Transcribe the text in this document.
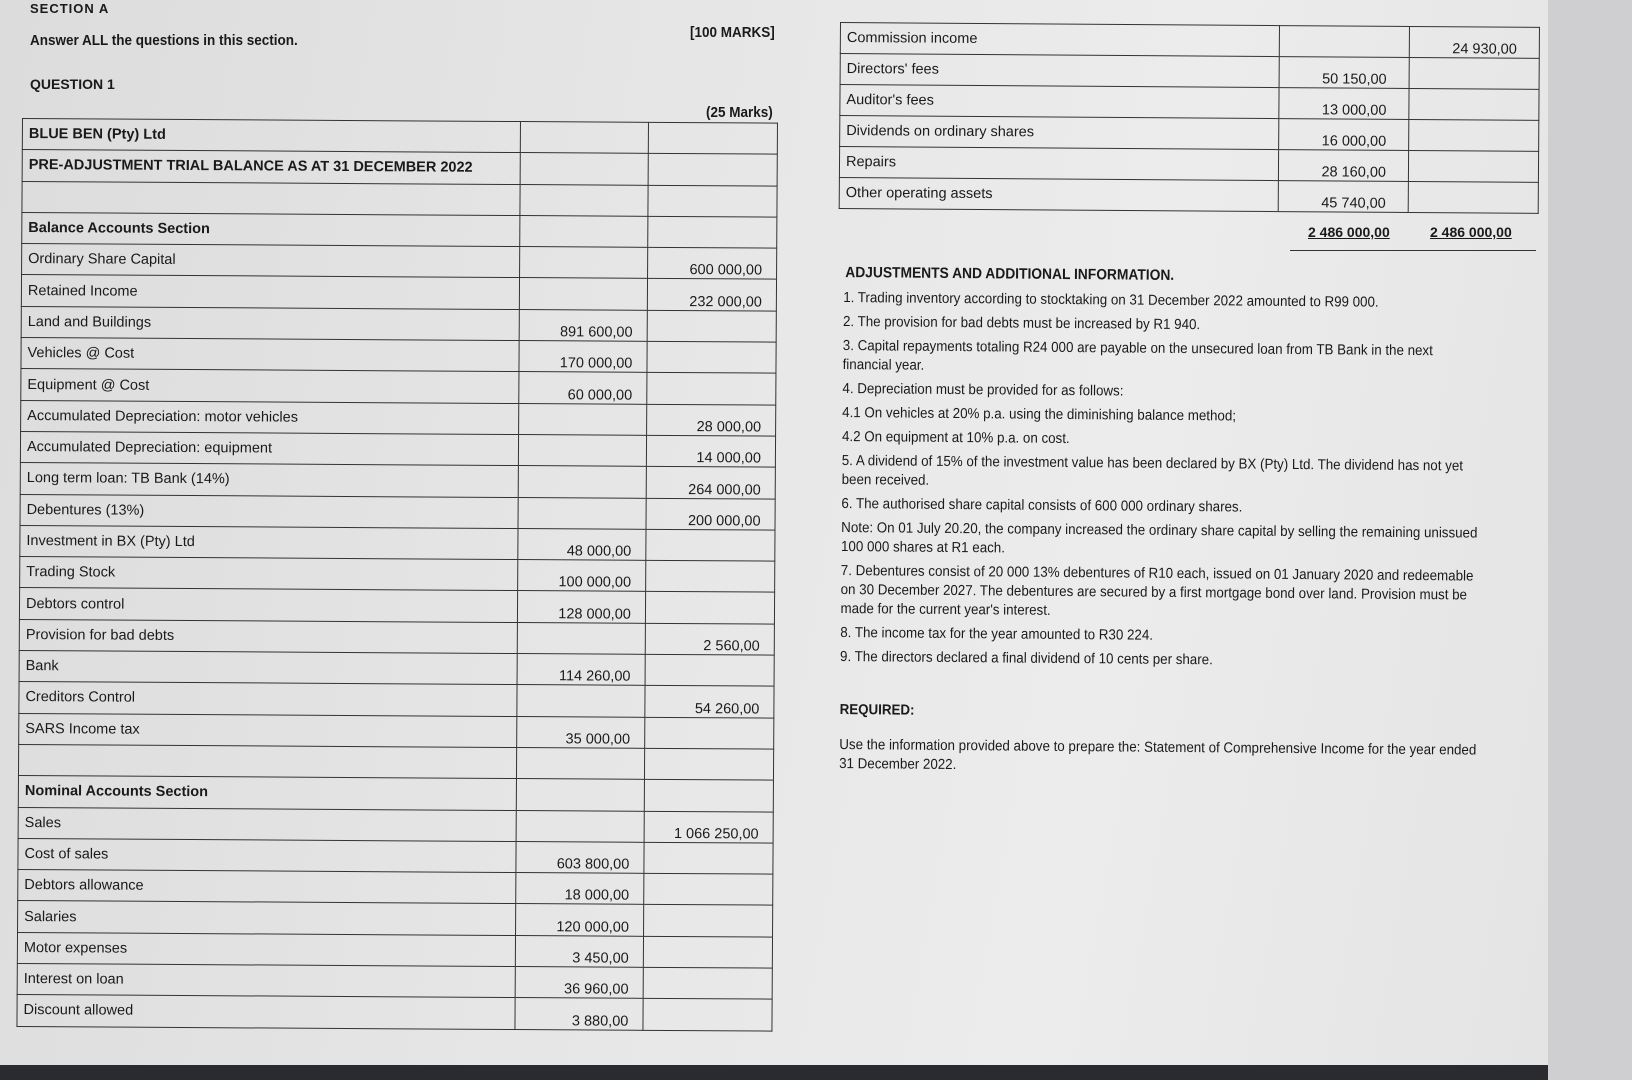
SECTION A
Answer ALL the questions in this section.	[100 MARKS]
QUESTION 1
(25 Marks)
BLUE BEN (Pty) Ltd		
PRE-ADJUSTMENT TRIAL BALANCE AS AT 31 DECEMBER 2022		

Balance Accounts Section		
Ordinary Share Capital		600 000,00
Retained Income		232 000,00
Land and Buildings	891 600,00	
Vehicles @ Cost	170 000,00	
Equipment @ Cost	60 000,00	
Accumulated Depreciation: motor vehicles		28 000,00
Accumulated Depreciation: equipment		14 000,00
Long term loan: TB Bank (14%)		264 000,00
Debentures (13%)		200 000,00
Investment in BX (Pty) Ltd	48 000,00	
Trading Stock	100 000,00	
Debtors control	128 000,00	
Provision for bad debts		2 560,00
Bank	114 260,00	
Creditors Control		54 260,00
SARS Income tax	35 000,00	

Nominal Accounts Section		
Sales		1 066 250,00
Cost of sales	603 800,00	
Debtors allowance	18 000,00	
Salaries	120 000,00	
Motor expenses	3 450,00	
Interest on loan	36 960,00	
Discount allowed	3 880,00	
Commission income		24 930,00
Directors' fees	50 150,00	
Auditor's fees	13 000,00	
Dividends on ordinary shares	16 000,00	
Repairs	28 160,00	
Other operating assets	45 740,00	
2 486 000,00	2 486 000,00
ADJUSTMENTS AND ADDITIONAL INFORMATION.

1. Trading inventory according to stocktaking on 31 December 2022 amounted to R99 000.

2. The provision for bad debts must be increased by R1 940.

3. Capital repayments totaling R24 000 are payable on the unsecured loan from TB Bank in the next financial year.

4. Depreciation must be provided for as follows:

4.1 On vehicles at 20% p.a. using the diminishing balance method;

4.2 On equipment at 10% p.a. on cost.

5. A dividend of 15% of the investment value has been declared by BX (Pty) Ltd. The dividend has not yet been received.

6. The authorised share capital consists of 600 000 ordinary shares.

Note: On 01 July 20.20, the company increased the ordinary share capital by selling the remaining unissued 100 000 shares at R1 each.

7. Debentures consist of 20 000 13% debentures of R10 each, issued on 01 January 2020 and redeemable on 30 December 2027. The debentures are secured by a first mortgage bond over land. Provision must be made for the current year's interest.

8. The income tax for the year amounted to R30 224.

9. The directors declared a final dividend of 10 cents per share.

REQUIRED:

Use the information provided above to prepare the: Statement of Comprehensive Income for the year ended 31 December 2022.
